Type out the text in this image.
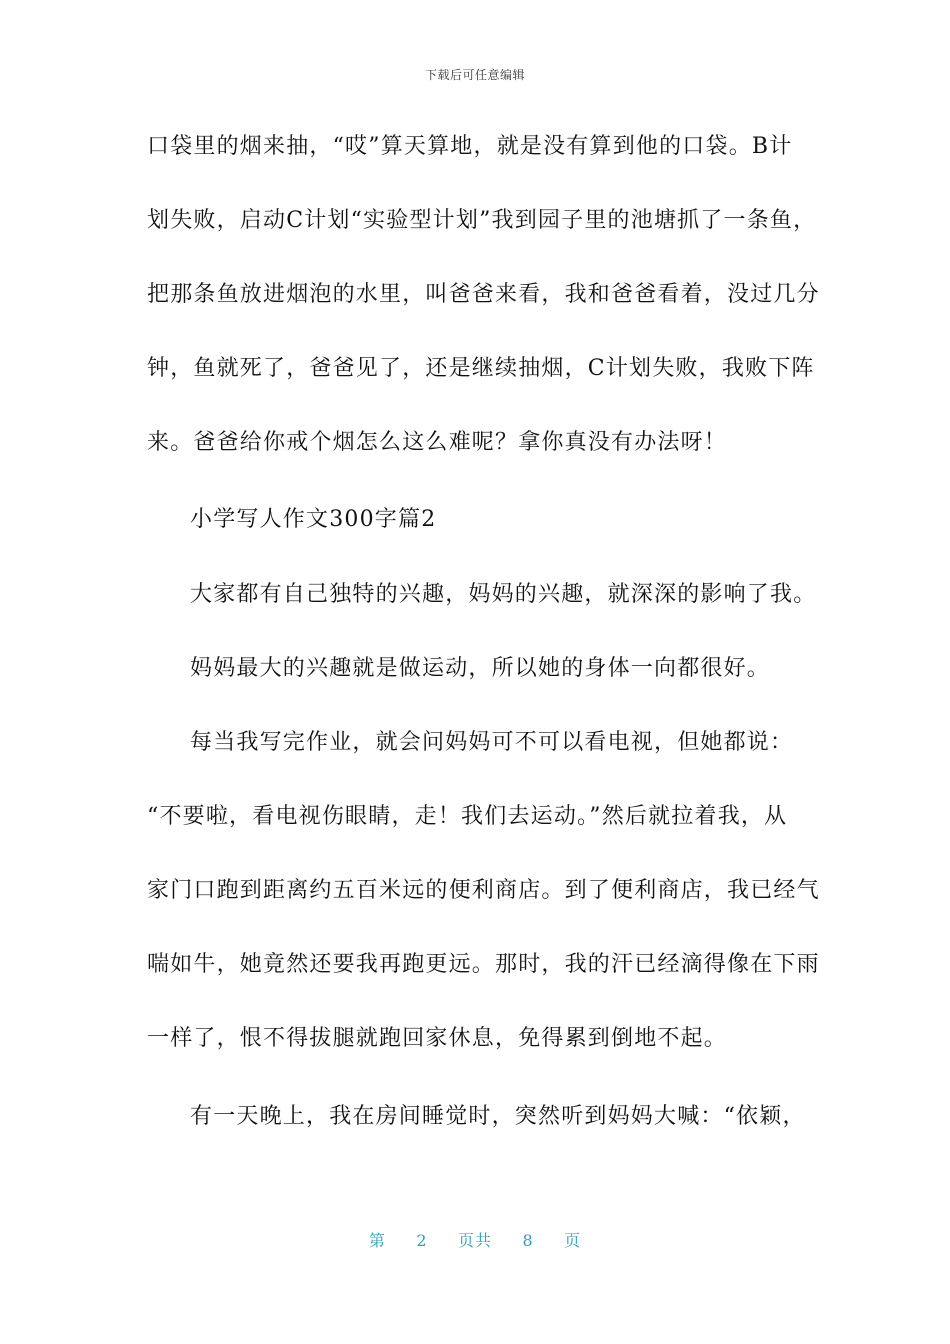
下载后可任意编辑
口袋里的烟来抽，“哎”算天算地，就是没有算到他的口袋。B计
划失败，启动C计划“实验型计划”我到园子里的池塘抓了一条鱼，
把那条鱼放进烟泡的水里，叫爸爸来看，我和爸爸看着，没过几分
钟，鱼就死了，爸爸见了，还是继续抽烟，C计划失败，我败下阵
来。爸爸给你戒个烟怎么这么难呢？拿你真没有办法呀！
小学写人作文300字篇2
大家都有自己独特的兴趣，妈妈的兴趣，就深深的影响了我。
妈妈最大的兴趣就是做运动，所以她的身体一向都很好。
每当我写完作业，就会问妈妈可不可以看电视，但她都说：
“不要啦，看电视伤眼睛，走！我们去运动。”然后就拉着我，从
家门口跑到距离约五百米远的便利商店。到了便利商店，我已经气
喘如牛，她竟然还要我再跑更远。那时，我的汗已经滴得像在下雨
一样了，恨不得拔腿就跑回家休息，免得累到倒地不起。
有一天晚上，我在房间睡觉时，突然听到妈妈大喊：“依颖，
第 2 页共 8 页
